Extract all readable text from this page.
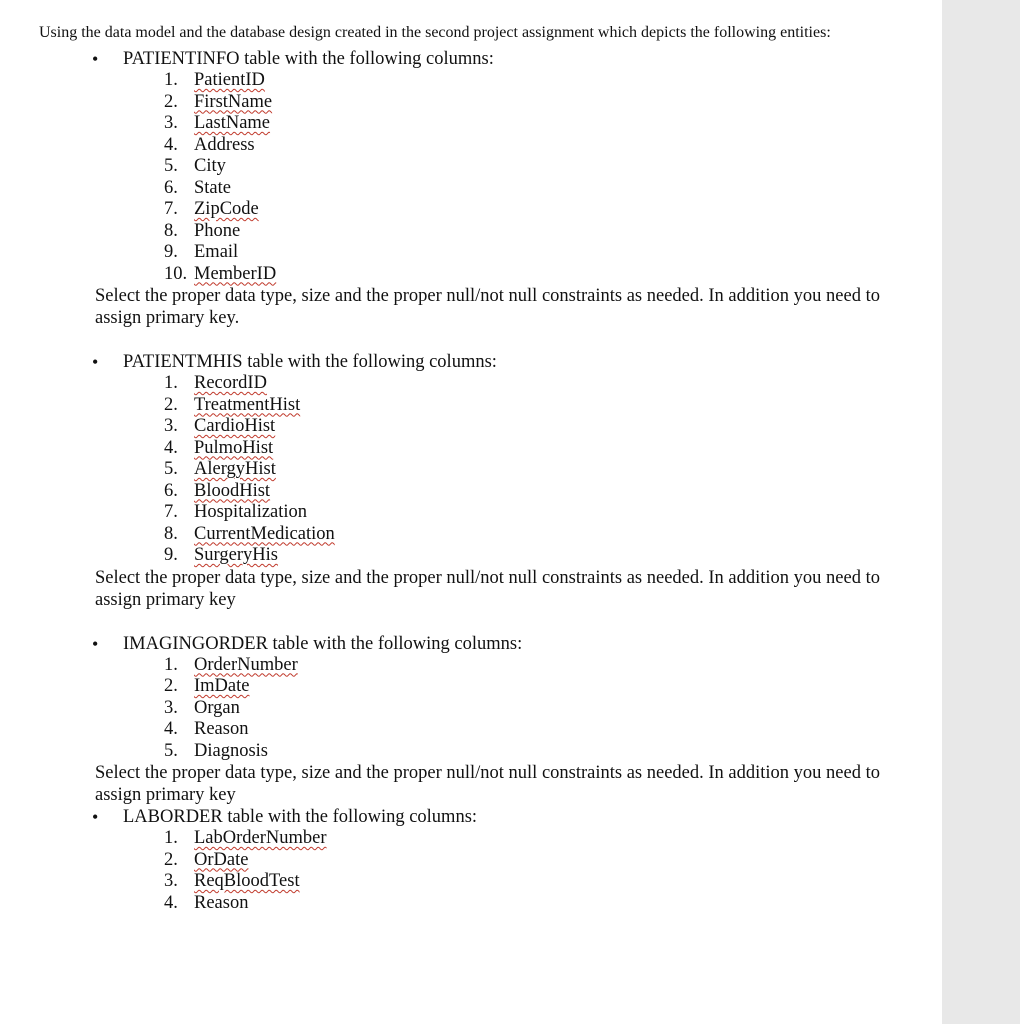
Using the data model and the database design created in the second project assignment which depicts the following entities:

• PATIENTINFO table with the following columns:

1. PatientID
2. FirstName
3. LastName
4. Address
5. City
6. State
7. ZipCode
8. Phone
9. Email
10. MemberID

Select the proper data type, size and the proper null/not null constraints as needed. In addition you need to assign primary key.

• PATIENTMHIS table with the following columns:

1. RecordID
2. TreatmentHist
3. CardioHist
4. PulmoHist
5. AlergyHist
6. BloodHist
7. Hospitalization
8. CurrentMedication
9. SurgeryHis

Select the proper data type, size and the proper null/not null constraints as needed. In addition you need to assign primary key

• IMAGINGORDER table with the following columns:

1. OrderNumber
2. ImDate
3. Organ
4. Reason
5. Diagnosis

Select the proper data type, size and the proper null/not null constraints as needed. In addition you need to assign primary key

• LABORDER table with the following columns:

1. LabOrderNumber
2. OrDate
3. ReqBloodTest
4. Reason
